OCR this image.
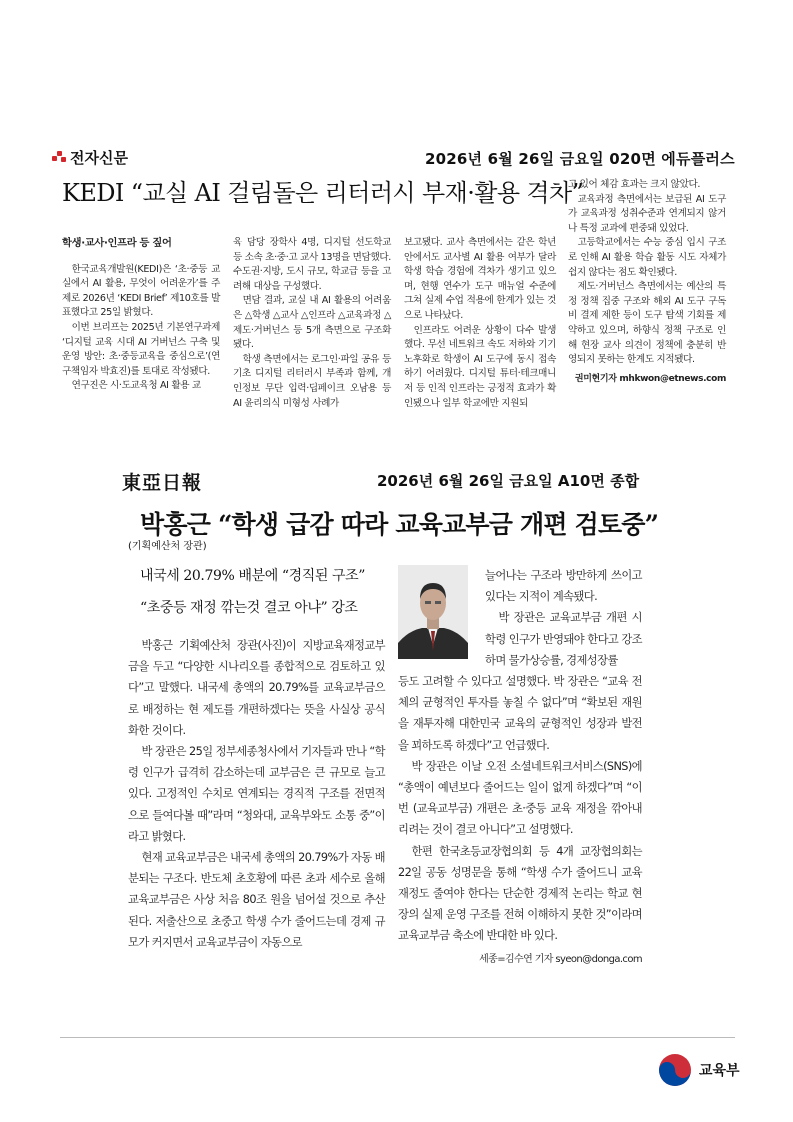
전자신문	2026년 6월 26일 금요일 020면 에듀플러스
KEDI “교실 AI 걸림돌은 리터러시 부재·활용 격차”

학생·교사·인프라 등 짚어

한국교육개발원(KEDI)은 ‘초·중등 교실에서 AI 활용, 무엇이 어려운가’를 주제로 2026년 ‘KEDI Brief’ 제10호를 발표했다고 25일 밝혔다.

이번 브리프는 2025년 기본연구과제 ‘디지털 교육 시대 AI 거버넌스 구축 및 운영 방안: 초·중등교육을 중심으로’(연구책임자 박효진)를 토대로 작성됐다.

연구진은 시·도교육청 AI 활용 교

육 담당 장학사 4명, 디지털 선도학교 등 소속 초·중·고 교사 13명을 면담했다. 수도권·지방, 도시 규모, 학교급 등을 고려해 대상을 구성했다.

면담 결과, 교실 내 AI 활용의 어려움은 △학생 △교사 △인프라 △교육과정 △제도·거버넌스 등 5개 측면으로 구조화됐다.

학생 측면에서는 로그인·파일 공유 등 기초 디지털 리터러시 부족과 함께, 개인정보 무단 입력·딥페이크 오남용 등 AI 윤리의식 미형성 사례가

보고됐다. 교사 측면에서는 같은 학년 안에서도 교사별 AI 활용 여부가 달라 학생 학습 경험에 격차가 생기고 있으며, 현행 연수가 도구 매뉴얼 수준에 그쳐 실제 수업 적용에 한계가 있는 것으로 나타났다.

인프라도 어려운 상황이 다수 발생했다. 무선 네트워크 속도 저하와 기기 노후화로 학생이 AI 도구에 동시 접속하기 어려웠다. 디지털 튜터·테크매니저 등 인적 인프라는 긍정적 효과가 확인됐으나 일부 학교에만 지원되

고 있어 체감 효과는 크지 않았다.

교육과정 측면에서는 보급된 AI 도구가 교육과정 성취수준과 연계되지 않거나 특정 교과에 편중돼 있었다.

고등학교에서는 수능 중심 입시 구조로 인해 AI 활용 학습 활동 시도 자체가 쉽지 않다는 점도 확인됐다.

제도·거버넌스 측면에서는 예산의 특정 정책 집중 구조와 해외 AI 도구 구독비 결제 제한 등이 도구 탐색 기회를 제약하고 있으며, 하향식 정책 구조로 인해 현장 교사 의견이 정책에 충분히 반영되지 못하는 한계도 지적됐다.

권미현기자 mhkwon@etnews.com

東亞日報	2026년 6월 26일 금요일 A10면 종합
박홍근 “학생 급감 따라 교육교부금 개편 검토중”
(기획예산처 장관)
내국세 20.79% 배분에 “경직된 구조”
“초중등 재정 깎는것 결코 아냐” 강조

박홍근 기획예산처 장관(사진)이 지방교육재정교부금을 두고 “다양한 시나리오를 종합적으로 검토하고 있다”고 말했다. 내국세 총액의 20.79%를 교육교부금으로 배정하는 현 제도를 개편하겠다는 뜻을 사실상 공식화한 것이다.

박 장관은 25일 정부세종청사에서 기자들과 만나 “학령 인구가 급격히 감소하는데 교부금은 큰 규모로 늘고 있다. 고정적인 수치로 연계되는 경직적 구조를 전면적으로 들여다볼 때”라며 “청와대, 교육부와도 소통 중”이라고 밝혔다.

현재 교육교부금은 내국세 총액의 20.79%가 자동 배분되는 구조다. 반도체 초호황에 따른 초과 세수로 올해 교육교부금은 사상 처음 80조 원을 넘어설 것으로 추산된다. 저출산으로 초중고 학생 수가 줄어드는데 경제 규모가 커지면서 교육교부금이 자동으로

늘어나는 구조라 방만하게 쓰이고 있다는 지적이 계속됐다.

박 장관은 교육교부금 개편 시 학령 인구가 반영돼야 한다고 강조하며 물가상승률, 경제성장률

등도 고려할 수 있다고 설명했다. 박 장관은 “교육 전체의 균형적인 투자를 놓칠 수 없다”며 “확보된 재원을 재투자해 대한민국 교육의 균형적인 성장과 발전을 꾀하도록 하겠다”고 언급했다.

박 장관은 이날 오전 소셜네트워크서비스(SNS)에 “총액이 예년보다 줄어드는 일이 없게 하겠다”며 “이번 (교육교부금) 개편은 초·중등 교육 재정을 깎아내리려는 것이 결코 아니다”고 설명했다.

한편 한국초등교장협의회 등 4개 교장협의회는 22일 공동 성명문을 통해 “학생 수가 줄어드니 교육재정도 줄여야 한다는 단순한 경제적 논리는 학교 현장의 실제 운영 구조를 전혀 이해하지 못한 것”이라며 교육교부금 축소에 반대한 바 있다.

세종=김수연 기자 syeon@donga.com

교육부
